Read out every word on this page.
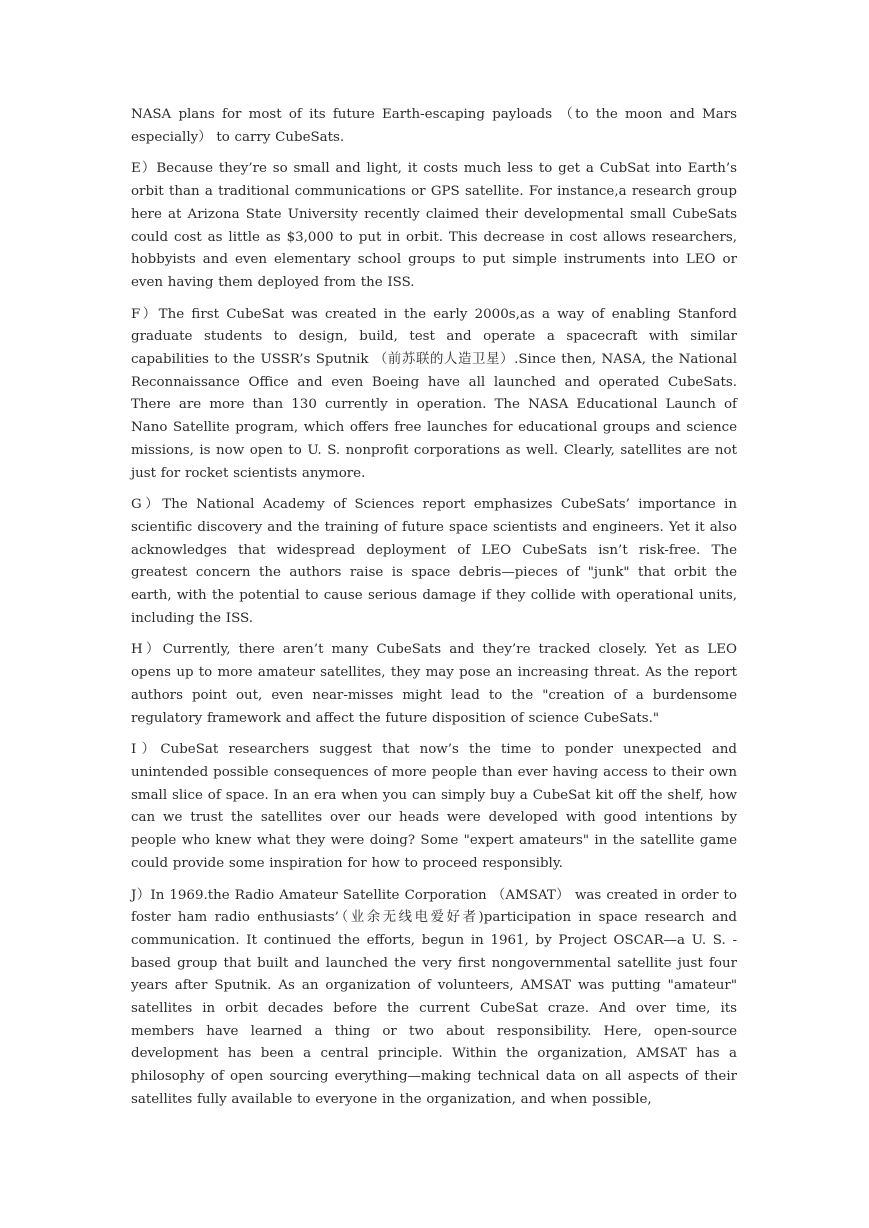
NASA plans for most of its future Earth-escaping payloads （to the moon and Mars especially） to carry CubeSats.

E）Because they’re so small and light, it costs much less to get a CubSat into Earth’s orbit than a traditional communications or GPS satellite. For instance,a research group here at Arizona State University recently claimed their developmental small CubeSats could cost as little as $3,000 to put in orbit. This decrease in cost allows researchers, hobbyists and even elementary school groups to put simple instruments into LEO or even having them deployed from the ISS.

F）The first CubeSat was created in the early 2000s,as a way of enabling Stanford graduate students to design, build, test and operate a spacecraft with similar capabilities to the USSR’s Sputnik （前苏联的人造卫星）.Since then, NASA, the National Reconnaissance Office and even Boeing have all launched and operated CubeSats. There are more than 130 currently in operation. The NASA Educational Launch of Nano Satellite program, which offers free launches for educational groups and science missions, is now open to U. S. nonprofit corporations as well. Clearly, satellites are not just for rocket scientists anymore.

G）The National Academy of Sciences report emphasizes CubeSats’ importance in scientific discovery and the training of future space scientists and engineers. Yet it also acknowledges that widespread deployment of LEO CubeSats isn’t risk-free. The greatest concern the authors raise is space debris—pieces of "junk" that orbit the earth, with the potential to cause serious damage if they collide with operational units, including the ISS.

H）Currently, there aren’t many CubeSats and they’re tracked closely. Yet as LEO opens up to more amateur satellites, they may pose an increasing threat. As the report authors point out, even near-misses might lead to the "creation of a burdensome regulatory framework and affect the future disposition of science CubeSats."

I）CubeSat researchers suggest that now’s the time to ponder unexpected and unintended possible consequences of more people than ever having access to their own small slice of space. In an era when you can simply buy a CubeSat kit off the shelf, how can we trust the satellites over our heads were developed with good intentions by people who knew what they were doing? Some "expert amateurs" in the satellite game could provide some inspiration for how to proceed responsibly.

J）In 1969.the Radio Amateur Satellite Corporation （AMSAT） was created in order to foster ham radio enthusiasts’（业余无线电爱好者)participation in space research and communication. It continued the efforts, begun in 1961, by Project OSCAR—a U. S. -based group that built and launched the very first nongovernmental satellite just four years after Sputnik. As an organization of volunteers, AMSAT was putting "amateur" satellites in orbit decades before the current CubeSat craze. And over time, its members have learned a thing or two about responsibility. Here, open-source development has been a central principle. Within the organization, AMSAT has a philosophy of open sourcing everything—making technical data on all aspects of their satellites fully available to everyone in the organization, and when possible,
